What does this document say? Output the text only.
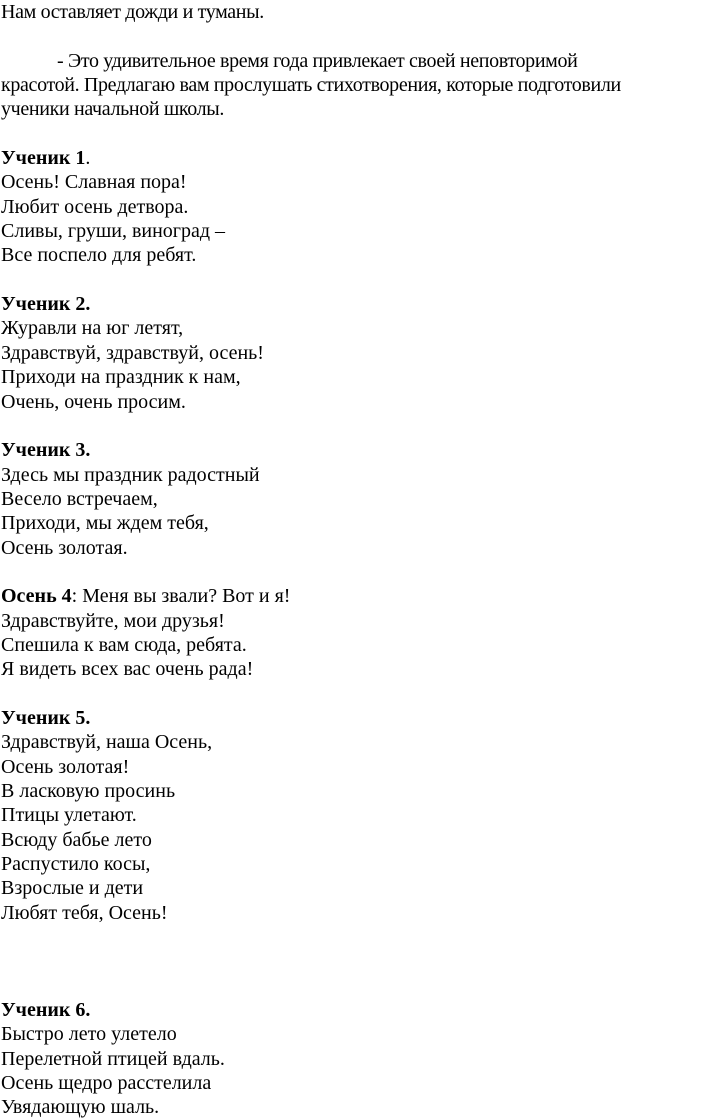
Нам оставляет дожди и туманы.
- Это удивительное время года привлекает своей неповторимой
красотой. Предлагаю вам прослушать стихотворения, которые подготовили
ученики начальной школы.
Ученик 1.
Осень! Славная пора!
Любит осень детвора.
Сливы, груши, виноград –
Все поспело для ребят.
Ученик 2.
Журавли на юг летят,
Здравствуй, здравствуй, осень!
Приходи на праздник к нам,
Очень, очень просим.
Ученик 3.
Здесь мы праздник радостный
Весело встречаем,
Приходи, мы ждем тебя,
Осень золотая.
Осень 4: Меня вы звали? Вот и я!
Здравствуйте, мои друзья!
Спешила к вам сюда, ребята.
Я видеть всех вас очень рада!
Ученик 5.
Здравствуй, наша Осень,
Осень золотая!
В ласковую просинь
Птицы улетают.
Всюду бабье лето
Распустило косы,
Взрослые и дети
Любят тебя, Осень!
Ученик 6.
Быстро лето улетело
Перелетной птицей вдаль.
Осень щедро расстелила
Увядающую шаль.
